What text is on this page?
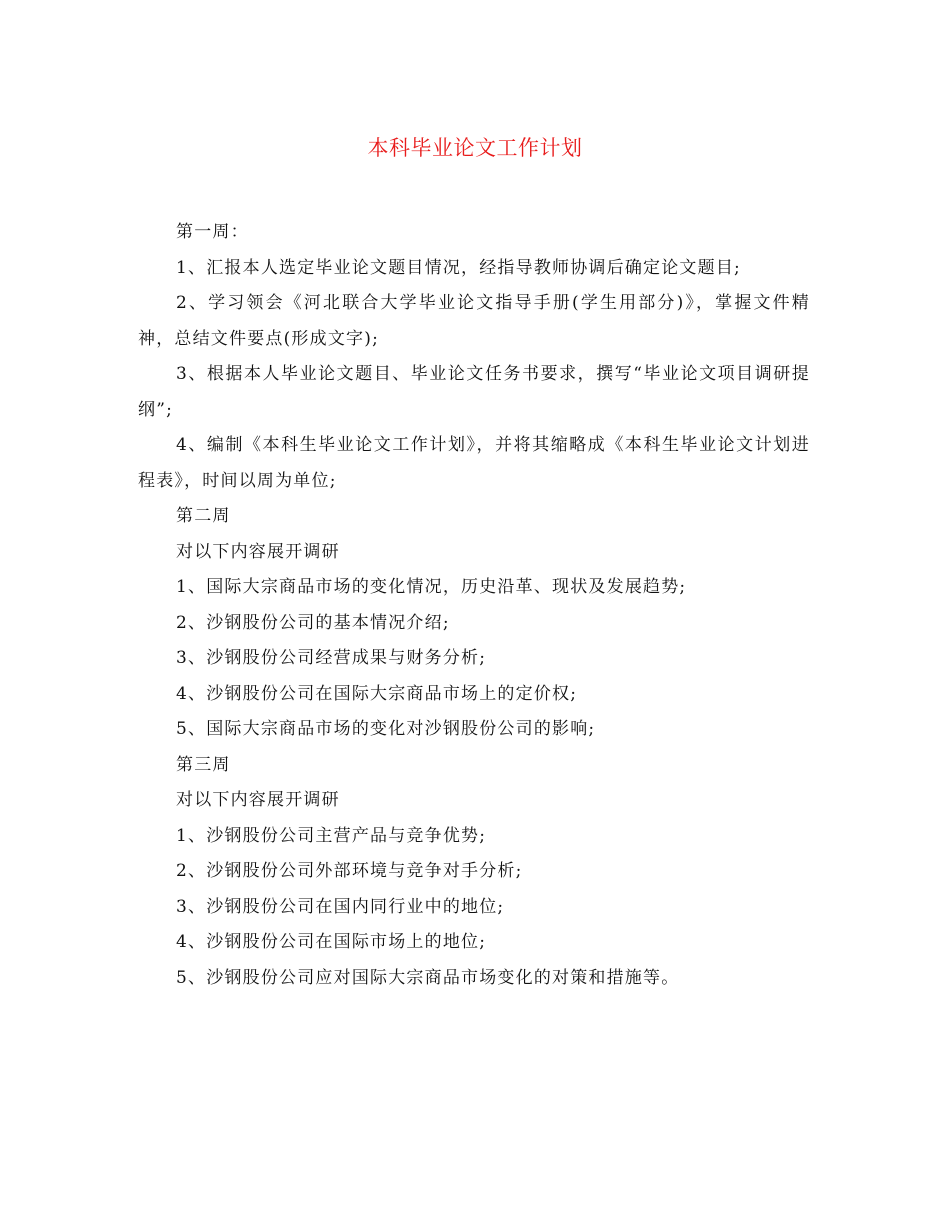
本科毕业论文工作计划

第一周：

1、汇报本人选定毕业论文题目情况，经指导教师协调后确定论文题目;

2、学习领会《河北联合大学毕业论文指导手册(学生用部分)》，掌握文件精神，总结文件要点(形成文字);

3、根据本人毕业论文题目、毕业论文任务书要求，撰写“毕业论文项目调研提纲”;

4、编制《本科生毕业论文工作计划》，并将其缩略成《本科生毕业论文计划进程表》，时间以周为单位;

第二周

对以下内容展开调研

1、国际大宗商品市场的变化情况，历史沿革、现状及发展趋势;

2、沙钢股份公司的基本情况介绍;

3、沙钢股份公司经营成果与财务分析;

4、沙钢股份公司在国际大宗商品市场上的定价权;

5、国际大宗商品市场的变化对沙钢股份公司的影响;

第三周

对以下内容展开调研

1、沙钢股份公司主营产品与竞争优势;

2、沙钢股份公司外部环境与竞争对手分析;

3、沙钢股份公司在国内同行业中的地位;

4、沙钢股份公司在国际市场上的地位;

5、沙钢股份公司应对国际大宗商品市场变化的对策和措施等。
